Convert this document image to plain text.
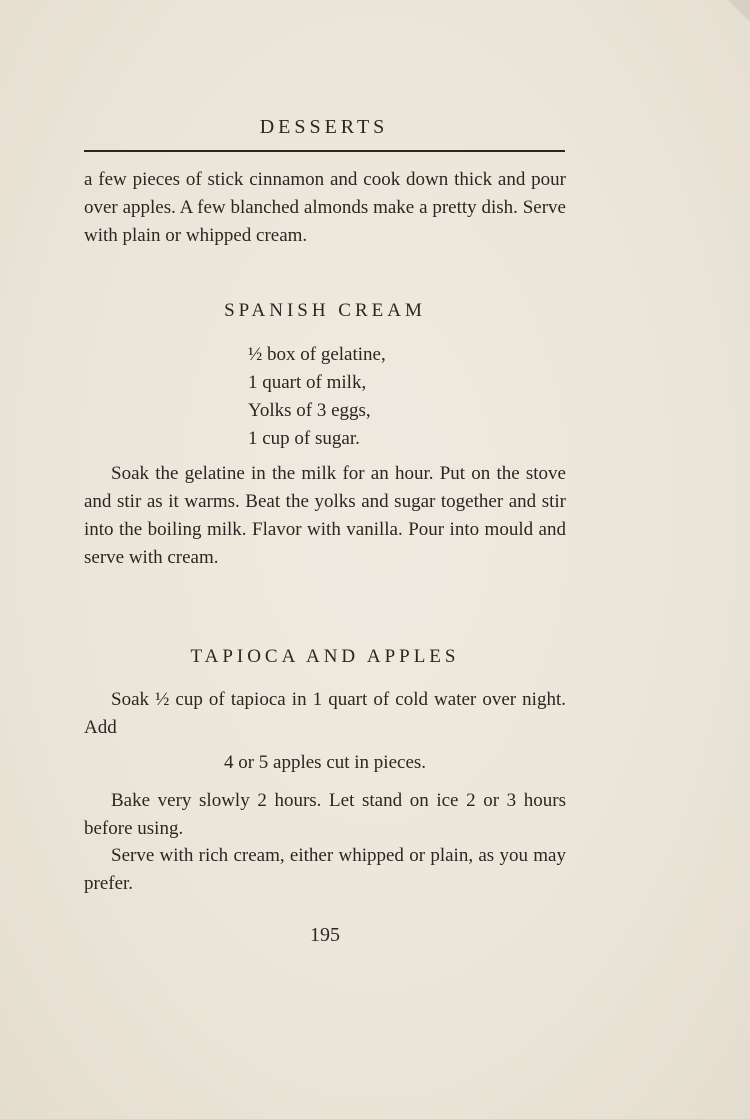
DESSERTS

a few pieces of stick cinnamon and cook down thick and pour over apples. A few blanched almonds make a pretty dish. Serve with plain or whipped cream.

SPANISH CREAM
½ box of gelatine,
1 quart of milk,
Yolks of 3 eggs,
1 cup of sugar.

Soak the gelatine in the milk for an hour. Put on the stove and stir as it warms. Beat the yolks and sugar together and stir into the boiling milk. Flavor with vanilla. Pour into mould and serve with cream.

TAPIOCA AND APPLES

Soak ½ cup of tapioca in 1 quart of cold water over night. Add

4 or 5 apples cut in pieces.

Bake very slowly 2 hours. Let stand on ice 2 or 3 hours before using.

Serve with rich cream, either whipped or plain, as you may prefer.

195
